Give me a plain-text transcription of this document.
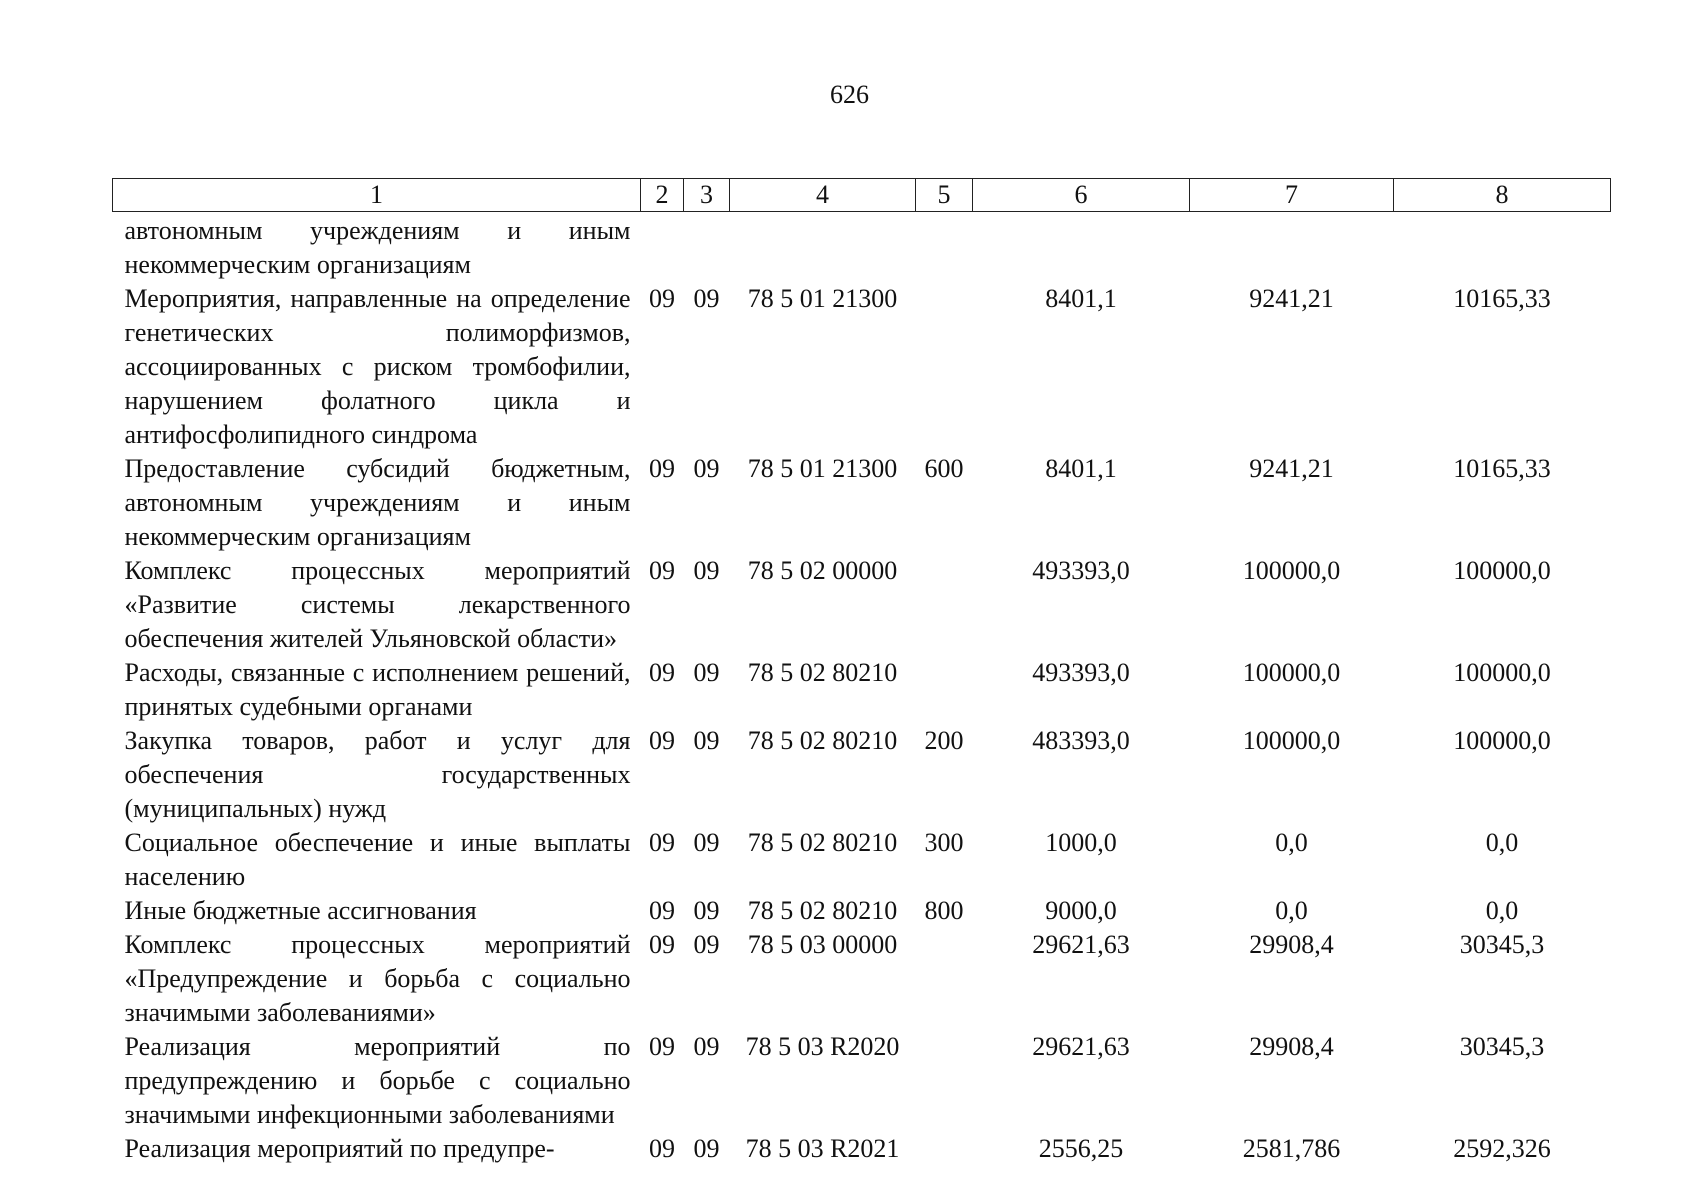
626
1	2	3	4	5	6	7	8
автономным учреждениям и иным некоммерческим организациям							
Мероприятия, направленные на определение генетических полиморфизмов, ассоциированных с риском тромбофилии, нарушением фолатного цикла и антифосфолипидного синдрома	09	09	78 5 01 21300		8401,1	9241,21	10165,33
Предоставление субсидий бюджетным, автономным учреждениям и иным некоммерческим организациям	09	09	78 5 01 21300	600	8401,1	9241,21	10165,33
Комплекс процессных мероприятий «Развитие системы лекарственного обеспечения жителей Ульяновской области»	09	09	78 5 02 00000		493393,0	100000,0	100000,0
Расходы, связанные с исполнением решений, принятых судебными органами	09	09	78 5 02 80210		493393,0	100000,0	100000,0
Закупка товаров, работ и услуг для обеспечения государственных (муниципальных) нужд	09	09	78 5 02 80210	200	483393,0	100000,0	100000,0
Социальное обеспечение и иные выплаты населению	09	09	78 5 02 80210	300	1000,0	0,0	0,0
Иные бюджетные ассигнования	09	09	78 5 02 80210	800	9000,0	0,0	0,0
Комплекс процессных мероприятий «Предупреждение и борьба с социально значимыми заболеваниями»	09	09	78 5 03 00000		29621,63	29908,4	30345,3
Реализация мероприятий по предупреждению и борьбе с социально значимыми инфекционными заболеваниями	09	09	78 5 03 R2020		29621,63	29908,4	30345,3
Реализация мероприятий по предупре-	09	09	78 5 03 R2021		2556,25	2581,786	2592,326
